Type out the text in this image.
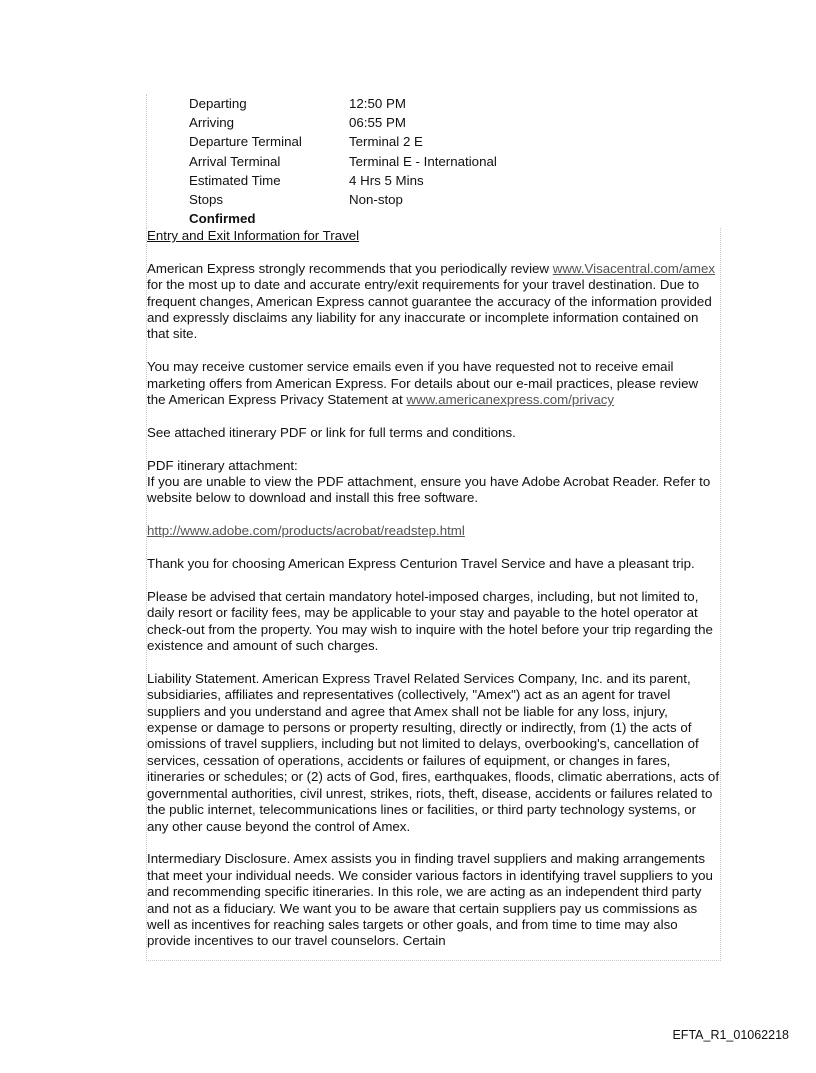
Departing	12:50 PM
Arriving	06:55 PM
Departure Terminal	Terminal 2 E
Arrival Terminal	Terminal E - International
Estimated Time	4 Hrs 5 Mins
Stops	Non-stop
Confirmed

Entry and Exit Information for Travel

American Express strongly recommends that you periodically review www.Visacentral.com/amex for the most up to date and accurate entry/exit requirements for your travel destination. Due to frequent changes, American Express cannot guarantee the accuracy of the information provided and expressly disclaims any liability for any inaccurate or incomplete information contained on that site.

You may receive customer service emails even if you have requested not to receive email marketing offers from American Express. For details about our e-mail practices, please review the American Express Privacy Statement at www.americanexpress.com/privacy

See attached itinerary PDF or link for full terms and conditions.

PDF itinerary attachment:
If you are unable to view the PDF attachment, ensure you have Adobe Acrobat Reader. Refer to website below to download and install this free software.

http://www.adobe.com/products/acrobat/readstep.html

Thank you for choosing American Express Centurion Travel Service and have a pleasant trip.

Please be advised that certain mandatory hotel-imposed charges, including, but not limited to, daily resort or facility fees, may be applicable to your stay and payable to the hotel operator at check-out from the property. You may wish to inquire with the hotel before your trip regarding the existence and amount of such charges.

Liability Statement. American Express Travel Related Services Company, Inc. and its parent, subsidiaries, affiliates and representatives (collectively, "Amex") act as an agent for travel suppliers and you understand and agree that Amex shall not be liable for any loss, injury, expense or damage to persons or property resulting, directly or indirectly, from (1) the acts of omissions of travel suppliers, including but not limited to delays, overbooking's, cancellation of services, cessation of operations, accidents or failures of equipment, or changes in fares, itineraries or schedules; or (2) acts of God, fires, earthquakes, floods, climatic aberrations, acts of governmental authorities, civil unrest, strikes, riots, theft, disease, accidents or failures related to the public internet, telecommunications lines or facilities, or third party technology systems, or any other cause beyond the control of Amex.

Intermediary Disclosure. Amex assists you in finding travel suppliers and making arrangements that meet your individual needs. We consider various factors in identifying travel suppliers to you and recommending specific itineraries. In this role, we are acting as an independent third party and not as a fiduciary. We want you to be aware that certain suppliers pay us commissions as well as incentives for reaching sales targets or other goals, and from time to time may also provide incentives to our travel counselors. Certain

EFTA_R1_01062218
